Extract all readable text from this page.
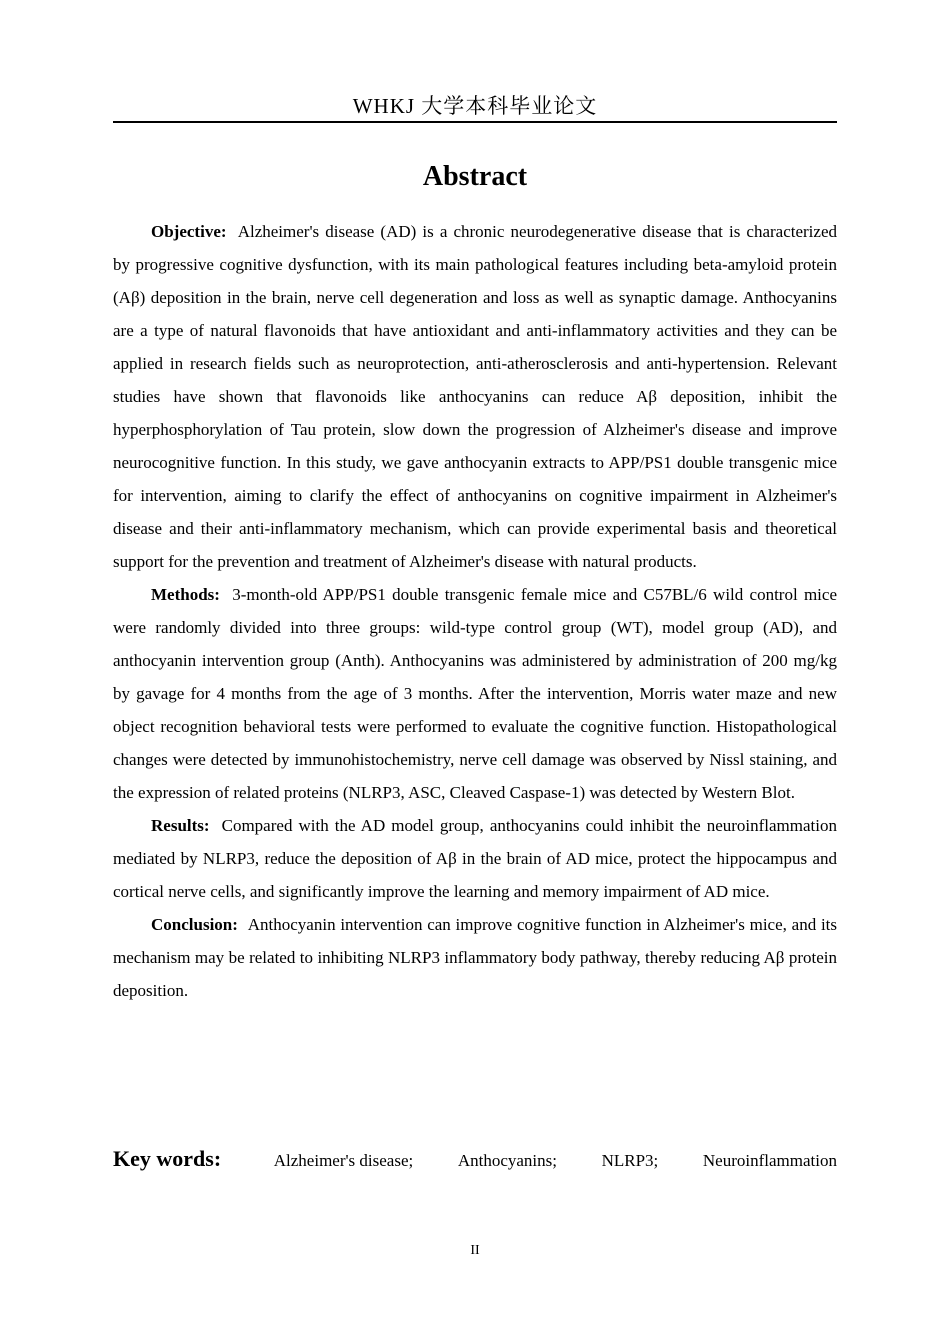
WHKJ 大学本科毕业论文
Abstract

Objective: Alzheimer's disease (AD) is a chronic neurodegenerative disease that is characterized by progressive cognitive dysfunction, with its main pathological features including beta-amyloid protein (Aβ) deposition in the brain, nerve cell degeneration and loss as well as synaptic damage. Anthocyanins are a type of natural flavonoids that have antioxidant and anti-inflammatory activities and they can be applied in research fields such as neuroprotection, anti-atherosclerosis and anti-hypertension. Relevant studies have shown that flavonoids like anthocyanins can reduce Aβ deposition, inhibit the hyperphosphorylation of Tau protein, slow down the progression of Alzheimer's disease and improve neurocognitive function. In this study, we gave anthocyanin extracts to APP/PS1 double transgenic mice for intervention, aiming to clarify the effect of anthocyanins on cognitive impairment in Alzheimer's disease and their anti-inflammatory mechanism, which can provide experimental basis and theoretical support for the prevention and treatment of Alzheimer's disease with natural products.

Methods: 3-month-old APP/PS1 double transgenic female mice and C57BL/6 wild control mice were randomly divided into three groups: wild-type control group (WT), model group (AD), and anthocyanin intervention group (Anth). Anthocyanins was administered by administration of 200 mg/kg by gavage for 4 months from the age of 3 months. After the intervention, Morris water maze and new object recognition behavioral tests were performed to evaluate the cognitive function. Histopathological changes were detected by immunohistochemistry, nerve cell damage was observed by Nissl staining, and the expression of related proteins (NLRP3, ASC, Cleaved Caspase-1) was detected by Western Blot.

Results: Compared with the AD model group, anthocyanins could inhibit the neuroinflammation mediated by NLRP3, reduce the deposition of Aβ in the brain of AD mice, protect the hippocampus and cortical nerve cells, and significantly improve the learning and memory impairment of AD mice.

Conclusion: Anthocyanin intervention can improve cognitive function in Alzheimer's mice, and its mechanism may be related to inhibiting NLRP3 inflammatory body pathway, thereby reducing Aβ protein deposition.

Key words:	Alzheimer's disease;	Anthocyanins;	NLRP3;	Neuroinflammation
II
